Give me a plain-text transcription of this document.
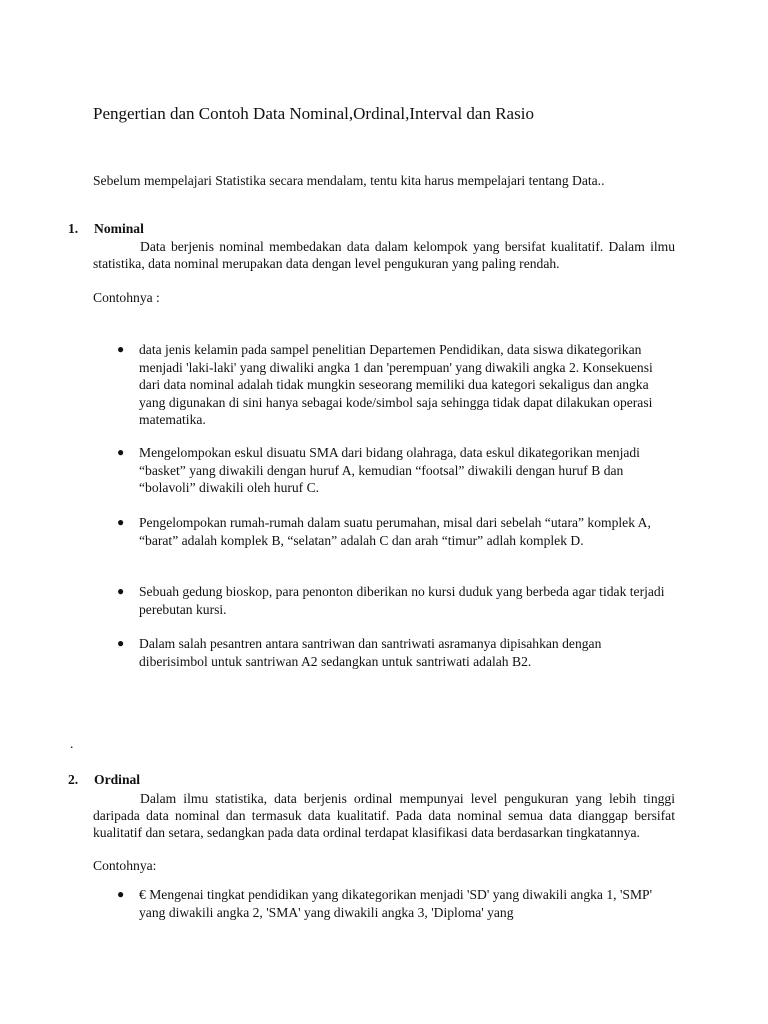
Pengertian dan Contoh Data Nominal,Ordinal,Interval dan Rasio
Sebelum mempelajari Statistika secara mendalam, tentu kita harus mempelajari tentang Data..
1. Nominal
Data berjenis nominal membedakan data dalam kelompok yang bersifat kualitatif. Dalam ilmu statistika, data nominal merupakan data dengan level pengukuran yang paling rendah.
Contohnya :
● data jenis kelamin pada sampel penelitian Departemen Pendidikan, data siswa dikategorikan menjadi 'laki-laki' yang diwaliki angka 1 dan 'perempuan' yang diwakili angka 2. Konsekuensi dari data nominal adalah tidak mungkin seseorang memiliki dua kategori sekaligus dan angka yang digunakan di sini hanya sebagai kode/simbol saja sehingga tidak dapat dilakukan operasi matematika.
● Mengelompokan eskul disuatu SMA dari bidang olahraga, data eskul dikategorikan menjadi “basket” yang diwakili dengan huruf A, kemudian “footsal” diwakili dengan huruf B dan “bolavoli” diwakili oleh huruf C.
● Pengelompokan rumah-rumah dalam suatu perumahan, misal dari sebelah “utara” komplek A, “barat” adalah komplek B, “selatan” adalah C dan arah “timur” adlah komplek D.
● Sebuah gedung bioskop, para penonton diberikan no kursi duduk yang berbeda agar tidak terjadi perebutan kursi.
● Dalam salah pesantren antara santriwan dan santriwati asramanya dipisahkan dengan diberisimbol untuk santriwan A2 sedangkan untuk santriwati adalah B2.
.
2. Ordinal
Dalam ilmu statistika, data berjenis ordinal mempunyai level pengukuran yang lebih tinggi daripada data nominal dan termasuk data kualitatif. Pada data nominal semua data dianggap bersifat kualitatif dan setara, sedangkan pada data ordinal terdapat klasifikasi data berdasarkan tingkatannya.
Contohnya:
● € Mengenai tingkat pendidikan yang dikategorikan menjadi 'SD' yang diwakili angka 1, 'SMP' yang diwakili angka 2, 'SMA' yang diwakili angka 3, 'Diploma' yang
